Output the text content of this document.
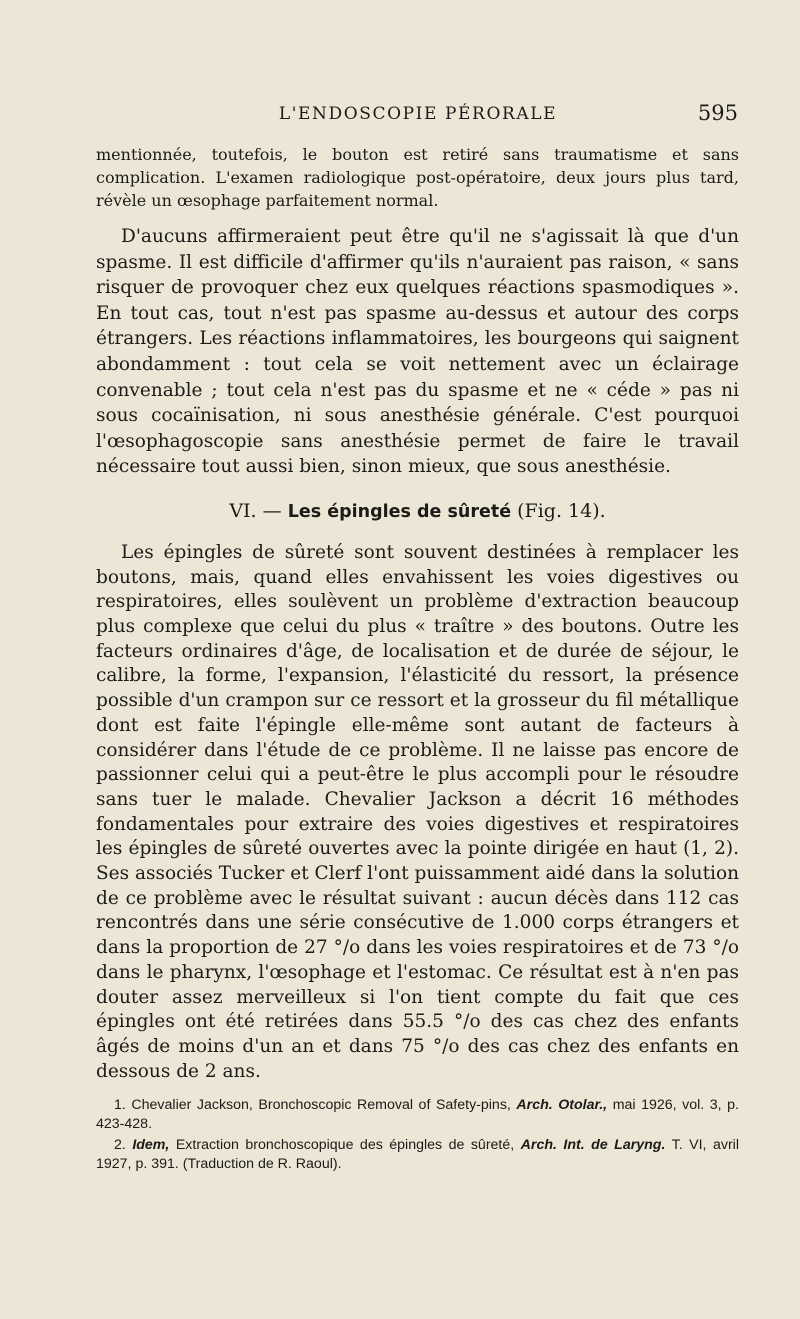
L'ENDOSCOPIE PÉRORALE	595

mentionnée, toutefois, le bouton est retiré sans traumatisme et sans complication. L'examen radiologique post-opératoire, deux jours plus tard, révèle un œsophage parfaitement normal.

D'aucuns affirmeraient peut être qu'il ne s'agissait là que d'un spasme. Il est difficile d'affirmer qu'ils n'auraient pas raison, « sans risquer de provoquer chez eux quelques réactions spasmodiques ». En tout cas, tout n'est pas spasme au-dessus et autour des corps étrangers. Les réactions inflammatoires, les bourgeons qui saignent abondamment : tout cela se voit nettement avec un éclairage convenable ; tout cela n'est pas du spasme et ne « céde » pas ni sous cocaïnisation, ni sous anesthésie générale. C'est pourquoi l'œsophagoscopie sans anesthésie permet de faire le travail nécessaire tout aussi bien, sinon mieux, que sous anesthésie.

VI. — Les épingles de sûreté (Fig. 14).

Les épingles de sûreté sont souvent destinées à remplacer les boutons, mais, quand elles envahissent les voies digestives ou respiratoires, elles soulèvent un problème d'extraction beaucoup plus complexe que celui du plus « traître » des boutons. Outre les facteurs ordinaires d'âge, de localisation et de durée de séjour, le calibre, la forme, l'expansion, l'élasticité du ressort, la présence possible d'un crampon sur ce ressort et la grosseur du fil métallique dont est faite l'épingle elle-même sont autant de facteurs à considérer dans l'étude de ce problème. Il ne laisse pas encore de passionner celui qui a peut-être le plus accompli pour le résoudre sans tuer le malade. Chevalier Jackson a décrit 16 méthodes fondamentales pour extraire des voies digestives et respiratoires les épingles de sûreté ouvertes avec la pointe dirigée en haut (1, 2). Ses associés Tucker et Clerf l'ont puissamment aidé dans la solution de ce problème avec le résultat suivant : aucun décès dans 112 cas rencontrés dans une série consécutive de 1.000 corps étrangers et dans la proportion de 27 °/o dans les voies respiratoires et de 73 °/o dans le pharynx, l'œsophage et l'estomac. Ce résultat est à n'en pas douter assez merveilleux si l'on tient compte du fait que ces épingles ont été retirées dans 55.5 °/o des cas chez des enfants âgés de moins d'un an et dans 75 °/o des cas chez des enfants en dessous de 2 ans.

1. Chevalier Jackson, Bronchoscopic Removal of Safety-pins, Arch. Otolar., mai 1926, vol. 3, p. 423-428.

2. Idem, Extraction bronchoscopique des épingles de sûreté, Arch. Int. de Laryng. T. VI, avril 1927, p. 391. (Traduction de R. Raoul).
